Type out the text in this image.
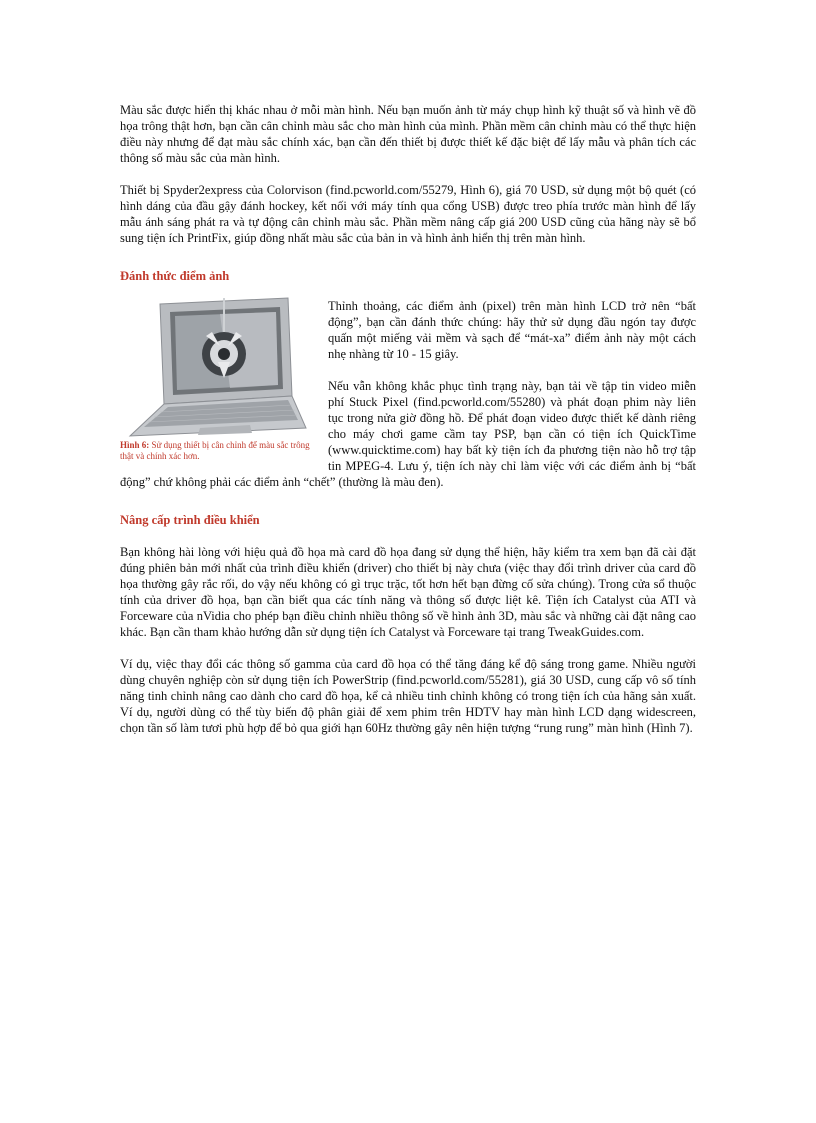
Màu sắc được hiển thị khác nhau ở mỗi màn hình. Nếu bạn muốn ảnh từ máy chụp hình kỹ thuật số và hình vẽ đồ họa trông thật hơn, bạn cần cân chỉnh màu sắc cho màn hình của mình. Phần mềm cân chỉnh màu có thể thực hiện điều này nhưng để đạt màu sắc chính xác, bạn cần đến thiết bị được thiết kế đặc biệt để lấy mẫu và phân tích các thông số màu sắc của màn hình.

Thiết bị Spyder2express của Colorvison (find.pcworld.com/55279, Hình 6), giá 70 USD, sử dụng một bộ quét (có hình dáng của đầu gậy đánh hockey, kết nối với máy tính qua cổng USB) được treo phía trước màn hình để lấy mẫu ánh sáng phát ra và tự động cân chỉnh màu sắc. Phần mềm nâng cấp giá 200 USD cũng của hãng này sẽ bổ sung tiện ích PrintFix, giúp đồng nhất màu sắc của bản in và hình ảnh hiển thị trên màn hình.

Đánh thức điểm ảnh
Hình 6: Sử dụng thiết bị cân chỉnh để màu sắc trông thật và chính xác hơn.

Thỉnh thoảng, các điểm ảnh (pixel) trên màn hình LCD trở nên “bất động”, bạn cần đánh thức chúng: hãy thử sử dụng đầu ngón tay được quấn một miếng vải mềm và sạch để “mát-xa” điểm ảnh này một cách nhẹ nhàng từ 10 - 15 giây.

Nếu vẫn không khắc phục tình trạng này, bạn tải về tập tin video miễn phí Stuck Pixel (find.pcworld.com/55280) và phát đoạn phim này liên tục trong nửa giờ đồng hồ. Để phát đoạn video được thiết kế dành riêng cho máy chơi game cầm tay PSP, bạn cần có tiện ích QuickTime (www.quicktime.com) hay bất kỳ tiện ích đa phương tiện nào hỗ trợ tập tin MPEG-4. Lưu ý, tiện ích này chỉ làm việc với các điểm ảnh bị “bất động” chứ không phải các điểm ảnh “chết” (thường là màu đen).

Nâng cấp trình điều khiển

Bạn không hài lòng với hiệu quả đồ họa mà card đồ họa đang sử dụng thể hiện, hãy kiểm tra xem bạn đã cài đặt đúng phiên bản mới nhất của trình điều khiển (driver) cho thiết bị này chưa (việc thay đổi trình driver của card đồ họa thường gây rắc rối, do vậy nếu không có gì trục trặc, tốt hơn hết bạn đừng cố sửa chúng). Trong cửa sổ thuộc tính của driver đồ họa, bạn cần biết qua các tính năng và thông số được liệt kê. Tiện ích Catalyst của ATI và Forceware của nVidia cho phép bạn điều chỉnh nhiều thông số về hình ảnh 3D, màu sắc và những cài đặt nâng cao khác. Bạn cần tham khảo hướng dẫn sử dụng tiện ích Catalyst và Forceware tại trang TweakGuides.com.

Ví dụ, việc thay đổi các thông số gamma của card đồ họa có thể tăng đáng kể độ sáng trong game. Nhiều người dùng chuyên nghiệp còn sử dụng tiện ích PowerStrip (find.pcworld.com/55281), giá 30 USD, cung cấp vô số tính năng tinh chỉnh nâng cao dành cho card đồ họa, kể cả nhiều tinh chỉnh không có trong tiện ích của hãng sản xuất. Ví dụ, người dùng có thể tùy biến độ phân giải để xem phim trên HDTV hay màn hình LCD dạng widescreen, chọn tần số làm tươi phù hợp để bỏ qua giới hạn 60Hz thường gây nên hiện tượng “rung rung” màn hình (Hình 7).
